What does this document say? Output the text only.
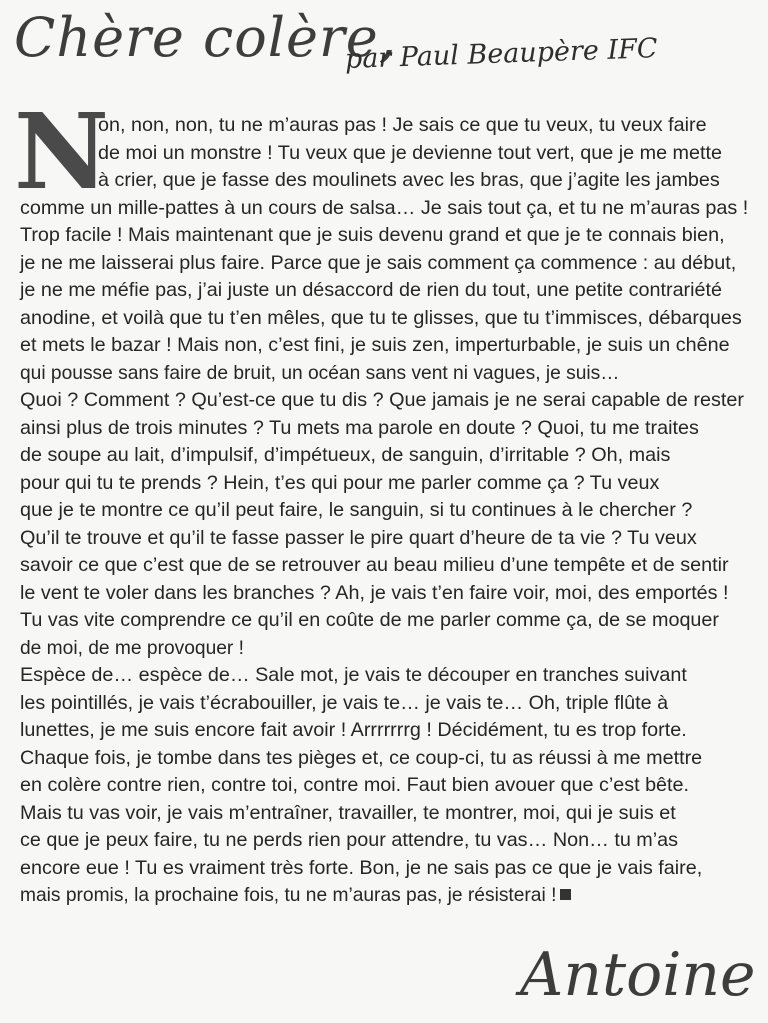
Chère colère,
par Paul Beaupère IFC
N
on, non, non, tu ne m’auras pas ! Je sais ce que tu veux, tu veux faire
de moi un monstre ! Tu veux que je devienne tout vert, que je me mette
à crier, que je fasse des moulinets avec les bras, que j’agite les jambes
comme un mille-pattes à un cours de salsa… Je sais tout ça, et tu ne m’auras pas !
Trop facile ! Mais maintenant que je suis devenu grand et que je te connais bien,
je ne me laisserai plus faire. Parce que je sais comment ça commence : au début,
je ne me méfie pas, j’ai juste un désaccord de rien du tout, une petite contrariété
anodine, et voilà que tu t’en mêles, que tu te glisses, que tu t’immisces, débarques
et mets le bazar ! Mais non, c’est fini, je suis zen, imperturbable, je suis un chêne
qui pousse sans faire de bruit, un océan sans vent ni vagues, je suis…
Quoi ? Comment ? Qu’est-ce que tu dis ? Que jamais je ne serai capable de rester
ainsi plus de trois minutes ? Tu mets ma parole en doute ? Quoi, tu me traites
de soupe au lait, d’impulsif, d’impétueux, de sanguin, d’irritable ? Oh, mais
pour qui tu te prends ? Hein, t’es qui pour me parler comme ça ? Tu veux
que je te montre ce qu’il peut faire, le sanguin, si tu continues à le chercher ?
Qu’il te trouve et qu’il te fasse passer le pire quart d’heure de ta vie ? Tu veux
savoir ce que c’est que de se retrouver au beau milieu d’une tempête et de sentir
le vent te voler dans les branches ? Ah, je vais t’en faire voir, moi, des emportés !
Tu vas vite comprendre ce qu’il en coûte de me parler comme ça, de se moquer
de moi, de me provoquer !
Espèce de… espèce de… Sale mot, je vais te découper en tranches suivant
les pointillés, je vais t’écrabouiller, je vais te… je vais te… Oh, triple flûte à
lunettes, je me suis encore fait avoir ! Arrrrrrrg ! Décidément, tu es trop forte.
Chaque fois, je tombe dans tes pièges et, ce coup-ci, tu as réussi à me mettre
en colère contre rien, contre toi, contre moi. Faut bien avouer que c’est bête.
Mais tu vas voir, je vais m’entraîner, travailler, te montrer, moi, qui je suis et
ce que je peux faire, tu ne perds rien pour attendre, tu vas… Non… tu m’as
encore eue ! Tu es vraiment très forte. Bon, je ne sais pas ce que je vais faire,
mais promis, la prochaine fois, tu ne m’auras pas, je résisterai !
Antoine
